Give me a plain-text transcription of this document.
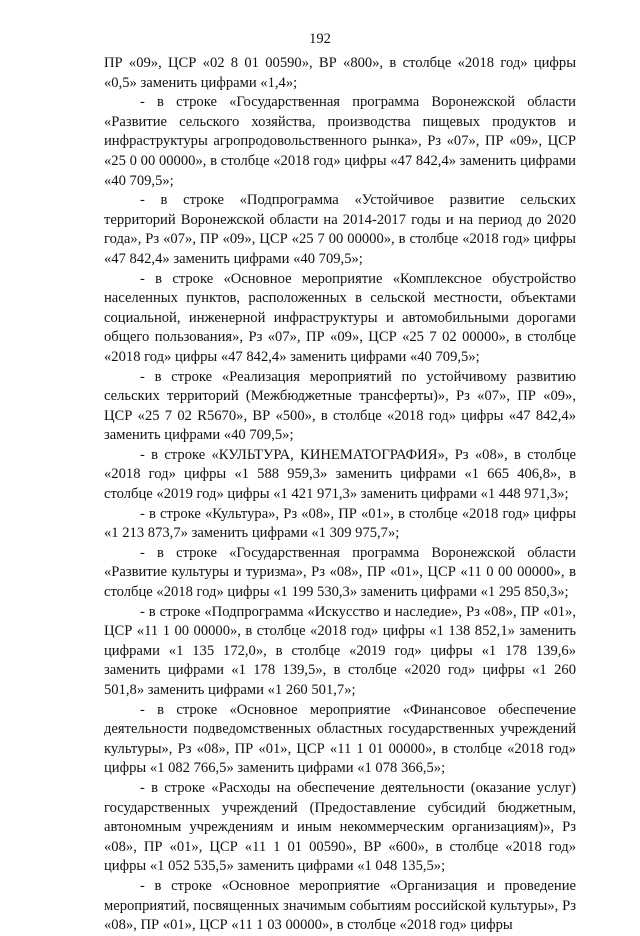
192

ПР «09», ЦСР «02 8 01 00590», ВР «800», в столбце «2018 год» цифры «0,5» заменить цифрами «1,4»;

- в строке «Государственная программа Воронежской области «Развитие сельского хозяйства, производства пищевых продуктов и инфраструктуры агропродовольственного рынка», Рз «07», ПР «09», ЦСР «25 0 00 00000», в столбце «2018 год» цифры «47 842,4» заменить цифрами «40 709,5»;

- в строке «Подпрограмма «Устойчивое развитие сельских территорий Воронежской области на 2014-2017 годы и на период до 2020 года», Рз «07», ПР «09», ЦСР «25 7 00 00000», в столбце «2018 год» цифры «47 842,4» заменить цифрами «40 709,5»;

- в строке «Основное мероприятие «Комплексное обустройство населенных пунктов, расположенных в сельской местности, объектами социальной, инженерной инфраструктуры и автомобильными дорогами общего пользования», Рз «07», ПР «09», ЦСР «25 7 02 00000», в столбце «2018 год» цифры «47 842,4» заменить цифрами «40 709,5»;

- в строке «Реализация мероприятий по устойчивому развитию сельских территорий (Межбюджетные трансферты)», Рз «07», ПР «09», ЦСР «25 7 02 R5670», ВР «500», в столбце «2018 год» цифры «47 842,4» заменить цифрами «40 709,5»;

- в строке «КУЛЬТУРА, КИНЕМАТОГРАФИЯ», Рз «08», в столбце «2018 год» цифры «1 588 959,3» заменить цифрами «1 665 406,8», в столбце «2019 год» цифры «1 421 971,3» заменить цифрами «1 448 971,3»;

- в строке «Культура», Рз «08», ПР «01», в столбце «2018 год» цифры «1 213 873,7» заменить цифрами «1 309 975,7»;

- в строке «Государственная программа Воронежской области «Развитие культуры и туризма», Рз «08», ПР «01», ЦСР «11 0 00 00000», в столбце «2018 год» цифры «1 199 530,3» заменить цифрами «1 295 850,3»;

- в строке «Подпрограмма «Искусство и наследие», Рз «08», ПР «01», ЦСР «11 1 00 00000», в столбце «2018 год» цифры «1 138 852,1» заменить цифрами «1 135 172,0», в столбце «2019 год» цифры «1 178 139,6» заменить цифрами «1 178 139,5», в столбце «2020 год» цифры «1 260 501,8» заменить цифрами «1 260 501,7»;

- в строке «Основное мероприятие «Финансовое обеспечение деятельности подведомственных областных государственных учреждений культуры», Рз «08», ПР «01», ЦСР «11 1 01 00000», в столбце «2018 год» цифры «1 082 766,5» заменить цифрами «1 078 366,5»;

- в строке «Расходы на обеспечение деятельности (оказание услуг) государственных учреждений (Предоставление субсидий бюджетным, автономным учреждениям и иным некоммерческим организациям)», Рз «08», ПР «01», ЦСР «11 1 01 00590», ВР «600», в столбце «2018 год» цифры «1 052 535,5» заменить цифрами «1 048 135,5»;

- в строке «Основное мероприятие «Организация и проведение мероприятий, посвященных значимым событиям российской культуры», Рз «08», ПР «01», ЦСР «11 1 03 00000», в столбце «2018 год» цифры
